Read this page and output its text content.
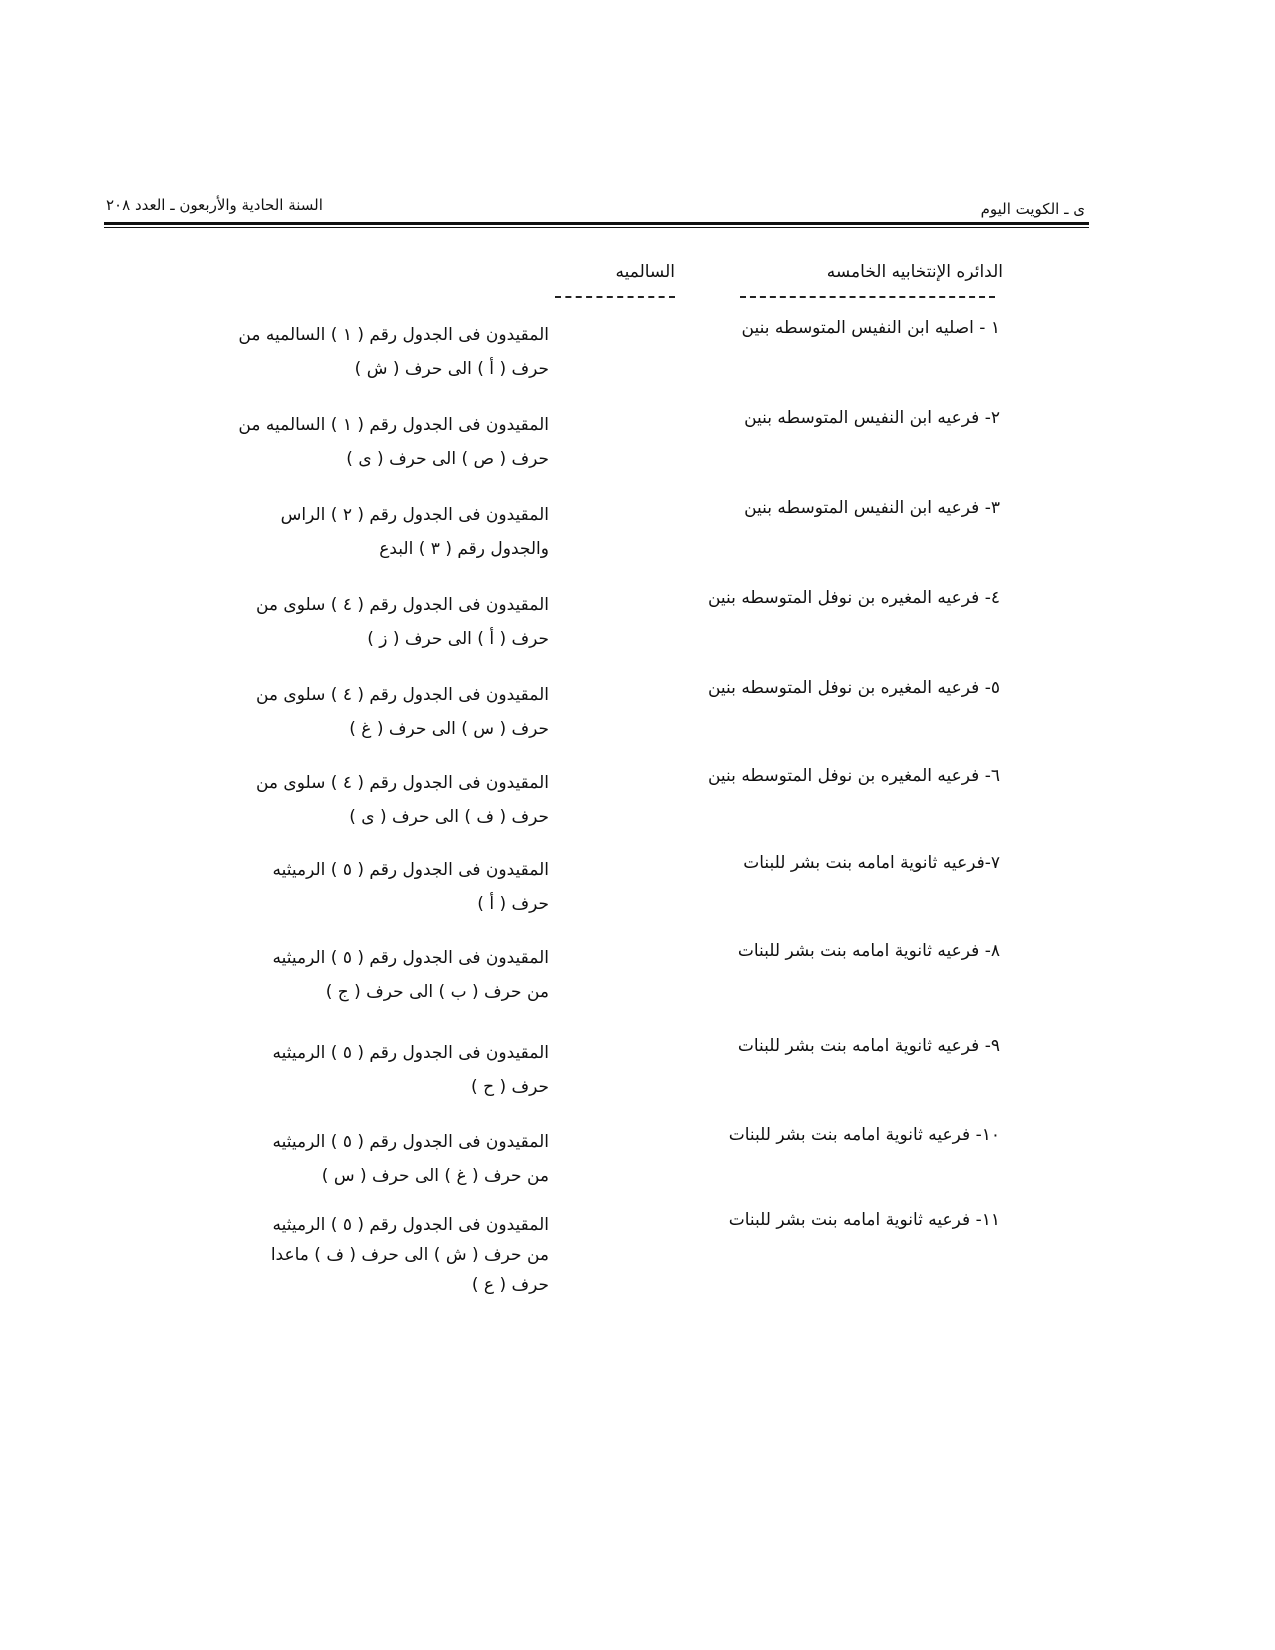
السنة الحادية والأربعون ـ العدد ٢٠٨	ى ـ الكويت اليوم
الدائره الإنتخابيه الخامسه
السالميه
١ - اصليه ابن النفيس المتوسطه بنين
المقيدون فى الجدول رقم ( ١ ) السالميه من
حرف ( أ ) الى حرف ( ش )
٢- فرعيه ابن النفيس المتوسطه بنين
المقيدون فى الجدول رقم ( ١ ) السالميه من
حرف ( ص ) الى حرف ( ى )
٣- فرعيه ابن النفيس المتوسطه بنين
المقيدون فى الجدول رقم ( ٢ ) الراس
والجدول رقم ( ٣ ) البدع
٤- فرعيه المغيره بن نوفل المتوسطه بنين
المقيدون فى الجدول رقم ( ٤ ) سلوى من
حرف ( أ ) الى حرف ( ز )
٥- فرعيه المغيره بن نوفل المتوسطه بنين
المقيدون فى الجدول رقم ( ٤ ) سلوى من
حرف ( س ) الى حرف ( غ )
٦- فرعيه المغيره بن نوفل المتوسطه بنين
المقيدون فى الجدول رقم ( ٤ ) سلوى من
حرف ( ف ) الى حرف ( ى )
٧-فرعيه ثانوية امامه بنت بشر للبنات
المقيدون فى الجدول رقم ( ٥ ) الرميثيه
حرف ( أ )
٨- فرعيه ثانوية امامه بنت بشر للبنات
المقيدون فى الجدول رقم ( ٥ ) الرميثيه
من حرف ( ب ) الى حرف ( ج )
٩- فرعيه ثانوية امامه بنت بشر للبنات
المقيدون فى الجدول رقم ( ٥ ) الرميثيه
حرف ( ح )
١٠- فرعيه ثانوية امامه بنت بشر للبنات
المقيدون فى الجدول رقم ( ٥ ) الرميثيه
من حرف ( غ ) الى حرف ( س )
١١- فرعيه ثانوية امامه بنت بشر للبنات
المقيدون فى الجدول رقم ( ٥ ) الرميثيه
من حرف ( ش ) الى حرف ( ف ) ماعدا
حرف ( ع )
